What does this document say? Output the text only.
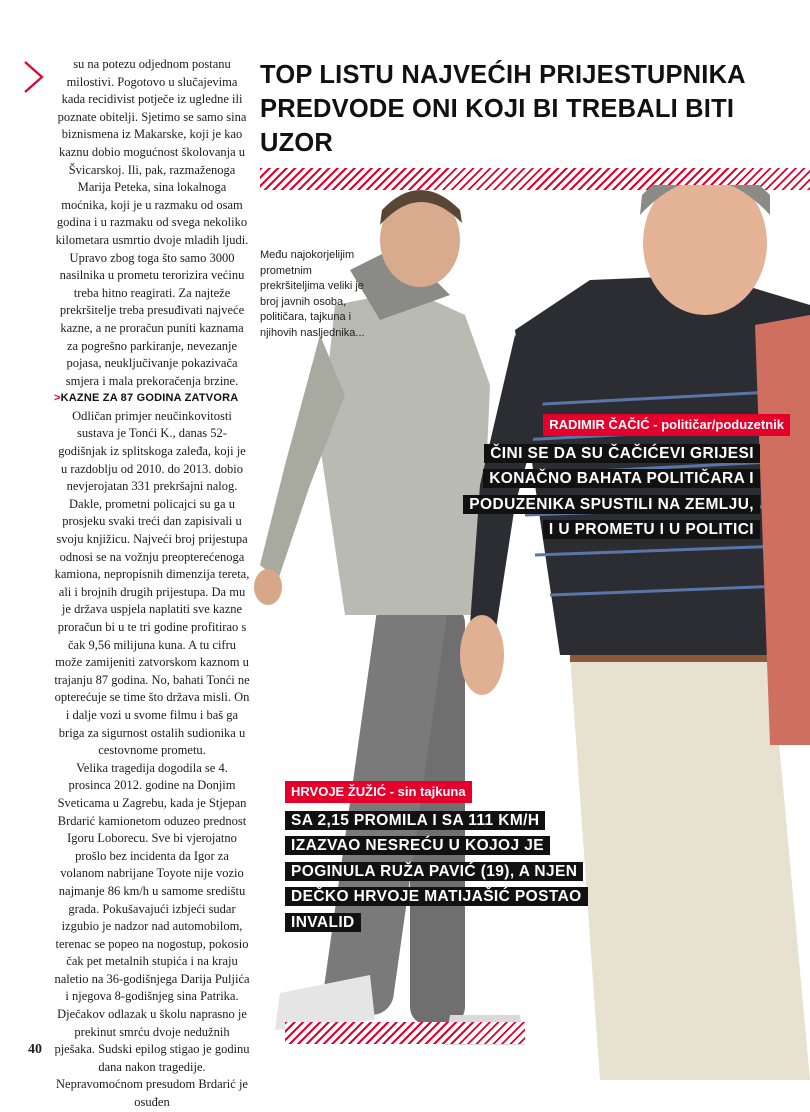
su na potezu odjednom postanu milostivi. Pogotovo u slučajevima kada recidivist potječe iz ugledne ili poznate obitelji. Sjetimo se samo sina biznismena iz Makarske, koji je kao kaznu dobio mogućnost školovanja u Švicarskoj. Ili, pak, razmaženoga Marija Peteka, sina lokalnoga moćnika, koji je u razmaku od osam godina i u razmaku od svega nekoliko kilometara usmrtio dvoje mladih ljudi. Upravo zbog toga što samo 3000 nasilnika u prometu terorizira većinu treba hitno reagirati. Za najteže prekršitelje treba presuđivati najveće kazne, a ne proračun puniti kaznama za pogrešno parkiranje, nevezanje pojasa, neuključivanje pokazivača smjera i mala prekoračenja brzine.

>KAZNE ZA 87 GODINA ZATVORA

Odličan primjer neučinkovitosti sustava je Tonći K., danas 52-godišnjak iz splitskoga zaleđa, koji je u razdoblju od 2010. do 2013. dobio nevjerojatan 331 prekršajni nalog. Dakle, prometni policajci su ga u prosjeku svaki treći dan zapisivali u svoju knjižicu. Najveći broj prijestupa odnosi se na vožnju preopterećenoga kamiona, nepropisnih dimenzija tereta, ali i brojnih drugih prijestupa. Da mu je država uspjela naplatiti sve kazne proračun bi u te tri godine profitirao s čak 9,56 milijuna kuna. A tu cifru može zamijeniti zatvorskom kaznom u trajanju 87 godina. No, bahati Tonći ne opterećuje se time što država misli. On i dalje vozi u svome filmu i baš ga briga za sigurnost ostalih sudionika u cestovnome prometu.

Velika tragedija dogodila se 4. prosinca 2012. godine na Donjim Sveticama u Zagrebu, kada je Stjepan Brdarić kamionetom oduzeo prednost Igoru Loborecu. Sve bi vjerojatno prošlo bez incidenta da Igor za volanom nabrijane Toyote nije vozio najmanje 86 km/h u samome središtu grada. Pokušavajući izbjeći sudar izgubio je nadzor nad automobilom, terenac se popeo na nogostup, pokosio čak pet metalnih stupića i na kraju naletio na 36-godišnjega Darija Puljića i njegova 8-godišnjeg sina Patrika. Dječakov odlazak u školu naprasno je prekinut smrću dvoje nedužnih pješaka. Sudski epilog stigao je godinu dana nakon tragedije. Nepravomoćnom presudom Brdarić je osuđen

40
TOP LISTU NAJVEĆIH PRIJESTUPNIKA PREDVODE ONI KOJI BI TREBALI BITI UZOR
Među najokorjelijim prometnim prekršiteljima veliki je broj javnih osoba, političara, tajkuna i njihovih nasljednika...
RADIMIR ČAČIĆ - političar/poduzetnik

ČINI SE DA SU ČAČIĆEVI GRIJESI KONAČNO BAHATA POLITIČARA I PODUZENIKA SPUSTILI NA ZEMLJU, I U PROMETU I U POLITICI

HRVOJE ŽUŽIĆ - sin tajkuna

SA 2,15 PROMILA I SA 111 KM/H IZAZVAO NESREĆU U KOJOJ JE POGINULA RUŽA PAVIĆ (19), A NJEN DEČKO HRVOJE MATIJAŠIĆ POSTAO INVALID
